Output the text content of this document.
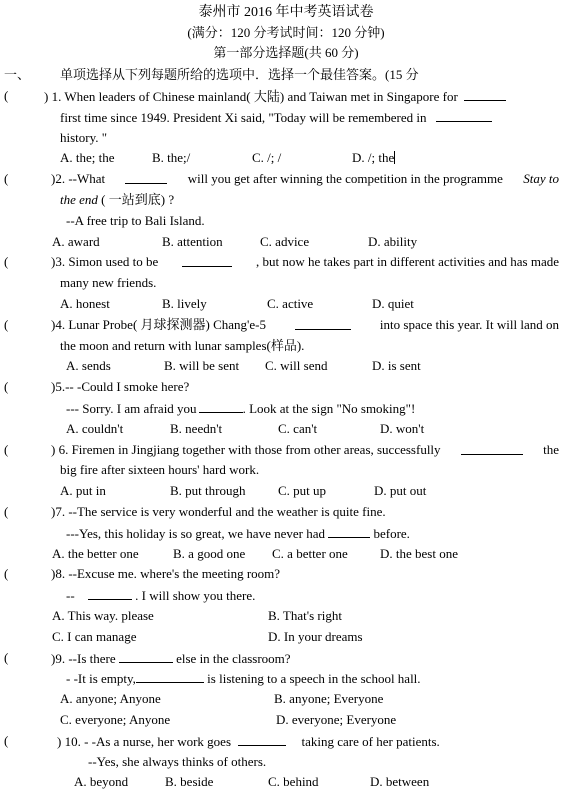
泰州市 2016 年中考英语试卷
(满分：120 分考试时间：120 分钟)
第一部分选择题(共 60 分)
一、 单项选择从下列每题所给的选项中．选择一个最佳答案。(15 分
(	) 1. When leaders of Chinese mainland( 大陆) and Taiwan met in Singapore for
first time since 1949. President Xi said, "Today will be remembered in
history. "
A. the; the	B. the;/	C. /; /	D. /; the
(	)2. --What	will you get after winning the competition in the programme Stay to
the end ( 一站到底) ?
--A free trip to Bali Island.
A. award	B. attention	C. advice	D. ability
(	)3. Simon used to be	, but now he takes part in different activities and has made
many new friends.
A. honest	B. lively	C. active	D. quiet
(	)4. Lunar Probe( 月球探测器) Chang'e-5	into space this year. It will land on
the moon and return with lunar samples(样品).
A. sends	B. will be sent C. will send	D. is sent
(	)5.-- -Could I smoke here?
--- Sorry. I am afraid you	. Look at the sign "No smoking"!
A. couldn't	B. needn't	C. can't	D. won't
(	) 6. Firemen in Jingjiang together with those from other areas, successfully	the
big fire after sixteen hours' hard work.
A. put in	B. put through	C. put up	D. put out
(	)7. --The service is very wonderful and the weather is quite fine.
---Yes, this holiday is so great, we have never had	before.
A. the better one	B. a good one C. a better one D. the best one
(	)8. --Excuse me. where's the meeting room?
--	. I will show you there.
A. This way. please	B. That's right
C. I can manage	D. In your dreams
(	)9. --Is there	else in the classroom?
- -It is empty,	is listening to a speech in the school hall.
A. anyone; Anyone	B. anyone; Everyone
C. everyone; Anyone	D. everyone; Everyone
(	) 10. - -As a nurse, her work goes	taking care of her patients.
--Yes, she always thinks of others.
A. beyond	B. beside	C. behind	D. between
